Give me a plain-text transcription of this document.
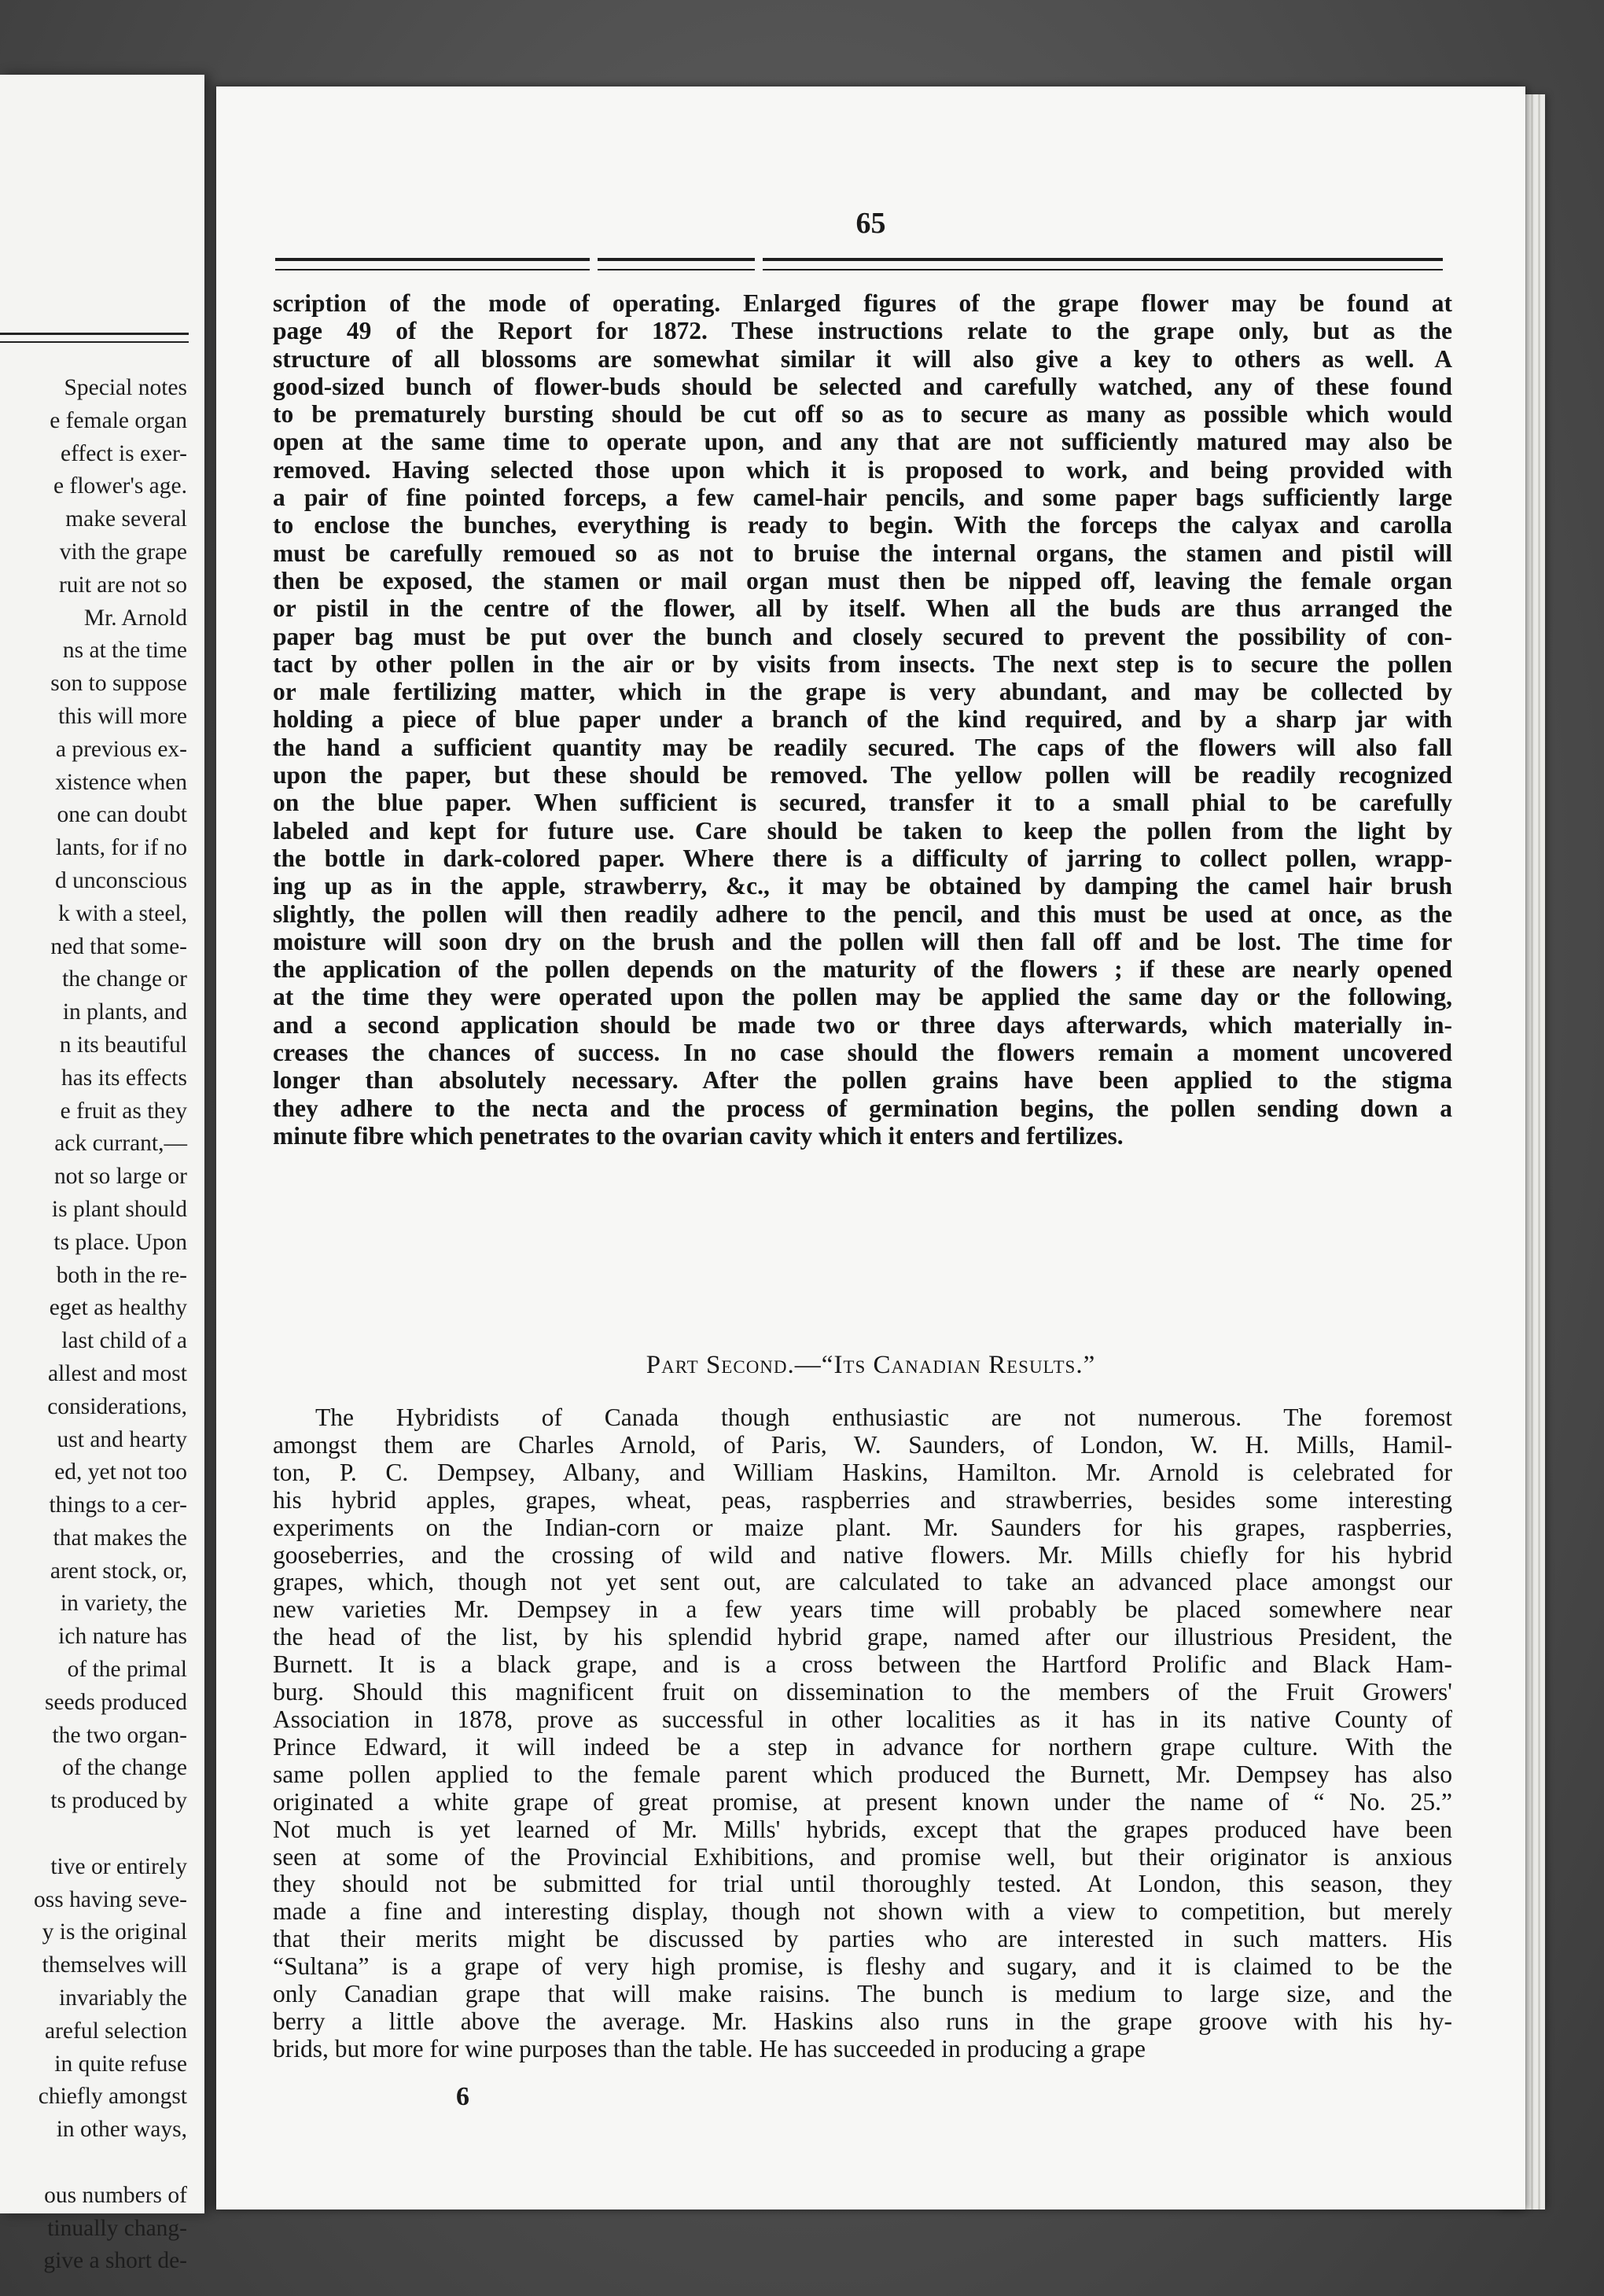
Special notes
e female organ
effect is exer-
e flower's age.
make several
vith the grape
ruit are not so
Mr. Arnold
ns at the time
son to suppose
this will more
a previous ex-
xistence when
one can doubt
lants, for if no
d unconscious
k with a steel,
ned that some-
the change or
in plants, and
n its beautiful
has its effects
e fruit as they
ack currant,—
not so large or
is plant should
ts place. Upon
both in the re-
eget as healthy
last child of a
allest and most
considerations,
ust and hearty
ed, yet not too
things to a cer-
that makes the
arent stock, or,
in variety, the
ich nature has
of the primal
seeds produced
the two organ-
of the change
ts produced by
tive or entirely
oss having seve-
y is the original
themselves will
invariably the
areful selection
in quite refuse
chiefly amongst
in other ways,
ous numbers of
tinually chang-
give a short de-
65
scription of the mode of operating. Enlarged figures of the grape flower may be found at
page 49 of the Report for 1872. These instructions relate to the grape only, but as the
structure of all blossoms are somewhat similar it will also give a key to others as well. A
good-sized bunch of flower-buds should be selected and carefully watched, any of these found
to be prematurely bursting should be cut off so as to secure as many as possible which would
open at the same time to operate upon, and any that are not sufficiently matured may also be
removed. Having selected those upon which it is proposed to work, and being provided with
a pair of fine pointed forceps, a few camel-hair pencils, and some paper bags sufficiently large
to enclose the bunches, everything is ready to begin. With the forceps the calyax and carolla
must be carefully remoued so as not to bruise the internal organs, the stamen and pistil will
then be exposed, the stamen or mail organ must then be nipped off, leaving the female organ
or pistil in the centre of the flower, all by itself. When all the buds are thus arranged the
paper bag must be put over the bunch and closely secured to prevent the possibility of con-
tact by other pollen in the air or by visits from insects. The next step is to secure the pollen
or male fertilizing matter, which in the grape is very abundant, and may be collected by
holding a piece of blue paper under a branch of the kind required, and by a sharp jar with
the hand a sufficient quantity may be readily secured. The caps of the flowers will also fall
upon the paper, but these should be removed. The yellow pollen will be readily recognized
on the blue paper. When sufficient is secured, transfer it to a small phial to be carefully
labeled and kept for future use. Care should be taken to keep the pollen from the light by
the bottle in dark-colored paper. Where there is a difficulty of jarring to collect pollen, wrapp-
ing up as in the apple, strawberry, &c., it may be obtained by damping the camel hair brush
slightly, the pollen will then readily adhere to the pencil, and this must be used at once, as the
moisture will soon dry on the brush and the pollen will then fall off and be lost. The time for
the application of the pollen depends on the maturity of the flowers ; if these are nearly opened
at the time they were operated upon the pollen may be applied the same day or the following,
and a second application should be made two or three days afterwards, which materially in-
creases the chances of success. In no case should the flowers remain a moment uncovered
longer than absolutely necessary. After the pollen grains have been applied to the stigma
they adhere to the necta and the process of germination begins, the pollen sending down a
minute fibre which penetrates to the ovarian cavity which it enters and fertilizes.
Part Second.—“Its Canadian Results.”
The Hybridists of Canada though enthusiastic are not numerous. The foremost
amongst them are Charles Arnold, of Paris, W. Saunders, of London, W. H. Mills, Hamil-
ton, P. C. Dempsey, Albany, and William Haskins, Hamilton. Mr. Arnold is celebrated for
his hybrid apples, grapes, wheat, peas, raspberries and strawberries, besides some interesting
experiments on the Indian-corn or maize plant. Mr. Saunders for his grapes, raspberries,
gooseberries, and the crossing of wild and native flowers. Mr. Mills chiefly for his hybrid
grapes, which, though not yet sent out, are calculated to take an advanced place amongst our
new varieties Mr. Dempsey in a few years time will probably be placed somewhere near
the head of the list, by his splendid hybrid grape, named after our illustrious President, the
Burnett. It is a black grape, and is a cross between the Hartford Prolific and Black Ham-
burg. Should this magnificent fruit on dissemination to the members of the Fruit Growers'
Association in 1878, prove as successful in other localities as it has in its native County of
Prince Edward, it will indeed be a step in advance for northern grape culture. With the
same pollen applied to the female parent which produced the Burnett, Mr. Dempsey has also
originated a white grape of great promise, at present known under the name of “ No. 25.”
Not much is yet learned of Mr. Mills' hybrids, except that the grapes produced have been
seen at some of the Provincial Exhibitions, and promise well, but their originator is anxious
they should not be submitted for trial until thoroughly tested. At London, this season, they
made a fine and interesting display, though not shown with a view to competition, but merely
that their merits might be discussed by parties who are interested in such matters. His
“Sultana” is a grape of very high promise, is fleshy and sugary, and it is claimed to be the
only Canadian grape that will make raisins. The bunch is medium to large size, and the
berry a little above the average. Mr. Haskins also runs in the grape groove with his hy-
brids, but more for wine purposes than the table. He has succeeded in producing a grape
6
